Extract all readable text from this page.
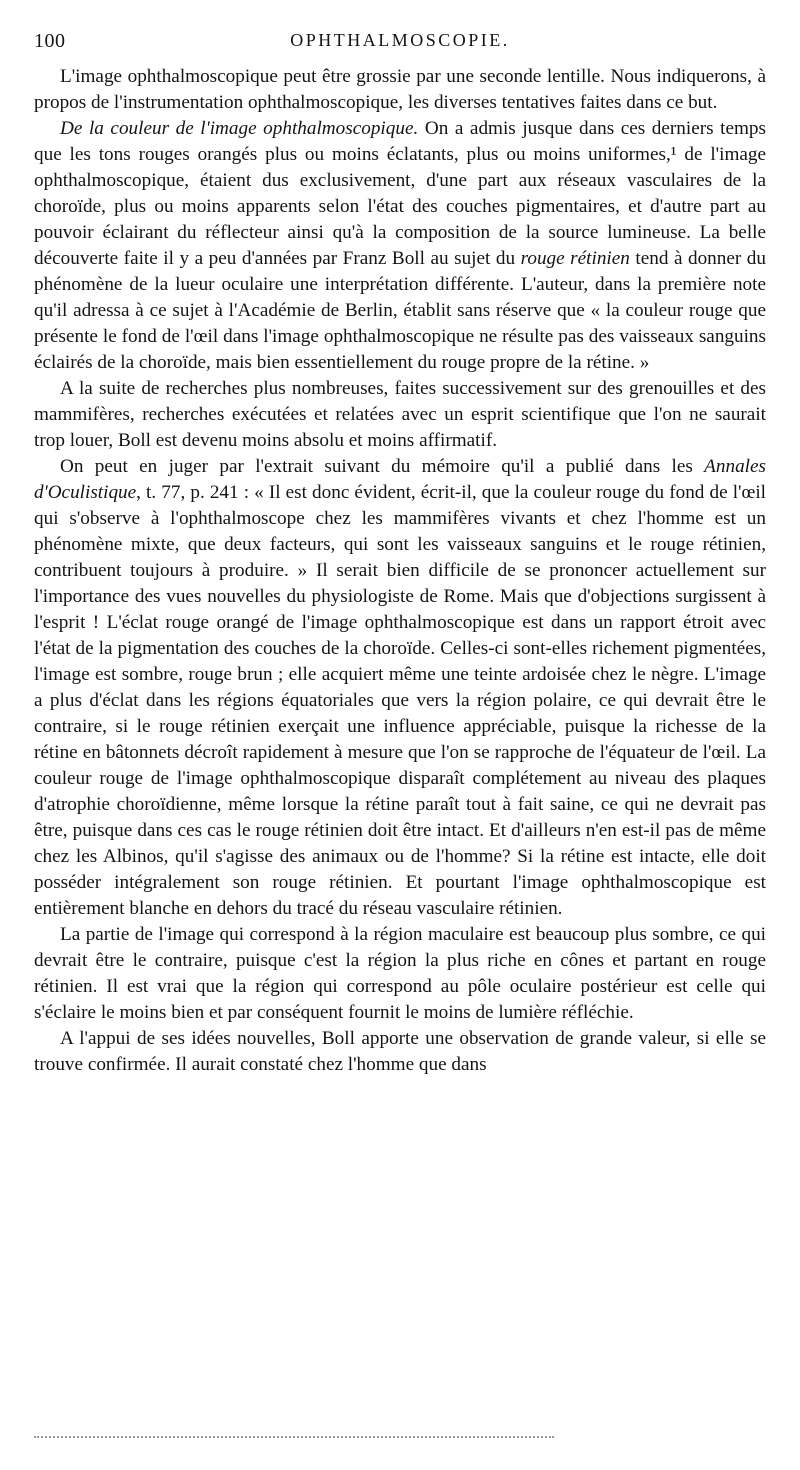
100	OPHTHALMOSCOPIE.

L'image ophthalmoscopique peut être grossie par une seconde lentille. Nous indiquerons, à propos de l'instrumentation ophthalmoscopique, les diverses tentatives faites dans ce but.

De la couleur de l'image ophthalmoscopique. On a admis jusque dans ces derniers temps que les tons rouges orangés plus ou moins éclatants, plus ou moins uniformes,¹ de l'image ophthalmoscopique, étaient dus exclusivement, d'une part aux réseaux vasculaires de la choroïde, plus ou moins apparents selon l'état des couches pigmentaires, et d'autre part au pouvoir éclairant du réflecteur ainsi qu'à la composition de la source lumineuse. La belle découverte faite il y a peu d'années par Franz Boll au sujet du rouge rétinien tend à donner du phénomène de la lueur oculaire une interprétation différente. L'auteur, dans la première note qu'il adressa à ce sujet à l'Académie de Berlin, établit sans réserve que « la couleur rouge que présente le fond de l'œil dans l'image ophthalmoscopique ne résulte pas des vaisseaux sanguins éclairés de la choroïde, mais bien essentiellement du rouge propre de la rétine. »

A la suite de recherches plus nombreuses, faites successivement sur des grenouilles et des mammifères, recherches exécutées et relatées avec un esprit scientifique que l'on ne saurait trop louer, Boll est devenu moins absolu et moins affirmatif.

On peut en juger par l'extrait suivant du mémoire qu'il a publié dans les Annales d'Oculistique, t. 77, p. 241 : « Il est donc évident, écrit-il, que la couleur rouge du fond de l'œil qui s'observe à l'ophthalmoscope chez les mammifères vivants et chez l'homme est un phénomène mixte, que deux facteurs, qui sont les vaisseaux sanguins et le rouge rétinien, contribuent toujours à produire. » Il serait bien difficile de se prononcer actuellement sur l'importance des vues nouvelles du physiologiste de Rome. Mais que d'objections surgissent à l'esprit ! L'éclat rouge orangé de l'image ophthalmoscopique est dans un rapport étroit avec l'état de la pigmentation des couches de la choroïde. Celles-ci sont-elles richement pigmentées, l'image est sombre, rouge brun ; elle acquiert même une teinte ardoisée chez le nègre. L'image a plus d'éclat dans les régions équatoriales que vers la région polaire, ce qui devrait être le contraire, si le rouge rétinien exerçait une influence appréciable, puisque la richesse de la rétine en bâtonnets décroît rapidement à mesure que l'on se rapproche de l'équateur de l'œil. La couleur rouge de l'image ophthalmoscopique disparaît complétement au niveau des plaques d'atrophie choroïdienne, même lorsque la rétine paraît tout à fait saine, ce qui ne devrait pas être, puisque dans ces cas le rouge rétinien doit être intact. Et d'ailleurs n'en est-il pas de même chez les Albinos, qu'il s'agisse des animaux ou de l'homme? Si la rétine est intacte, elle doit posséder intégralement son rouge rétinien. Et pourtant l'image ophthalmoscopique est entièrement blanche en dehors du tracé du réseau vasculaire rétinien.

La partie de l'image qui correspond à la région maculaire est beaucoup plus sombre, ce qui devrait être le contraire, puisque c'est la région la plus riche en cônes et partant en rouge rétinien. Il est vrai que la région qui correspond au pôle oculaire postérieur est celle qui s'éclaire le moins bien et par conséquent fournit le moins de lumière réfléchie.

A l'appui de ses idées nouvelles, Boll apporte une observation de grande valeur, si elle se trouve confirmée. Il aurait constaté chez l'homme que dans
